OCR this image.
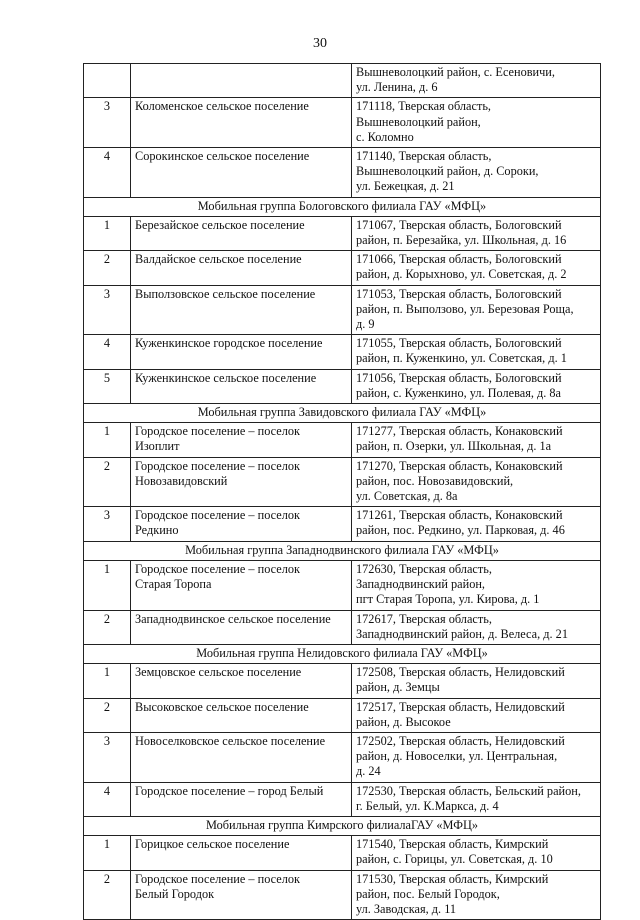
30

		Вышневолоцкий район, с. Есеновичи,
ул. Ленина, д. 6

3	Коломенское сельское поселение	171118, Тверская область,
Вышневолоцкий район,
с. Коломно

4	Сорокинское сельское поселение	171140, Тверская область,
Вышневолоцкий район, д. Сороки,
ул. Бежецкая, д. 21

Мобильная группа Бологовского филиала ГАУ «МФЦ»		
1	Березайское сельское поселение	171067, Тверская область, Бологовский
район, п. Березайка, ул. Школьная, д. 16

2	Валдайское сельское поселение	171066, Тверская область, Бологовский
район, д. Корыхново, ул. Советская, д. 2

3	Выползовское сельское поселение	171053, Тверская область, Бологовский
район, п. Выползово, ул. Березовая Роща,
д. 9

4	Куженкинское городское поселение	171055, Тверская область, Бологовский
район, п. Куженкино, ул. Советская, д. 1

5	Куженкинское сельское поселение	171056, Тверская область, Бологовский
район, с. Куженкино, ул. Полевая, д. 8а

Мобильная группа Завидовского филиала ГАУ «МФЦ»		
1	Городское поселение – поселок
Изоплит	171277, Тверская область, Конаковский
район, п. Озерки, ул. Школьная, д. 1а

2	Городское поселение – поселок
Новозавидовский	171270, Тверская область, Конаковский
район, пос. Новозавидовский,
ул. Советская, д. 8а

3	Городское поселение – поселок
Редкино	171261, Тверская область, Конаковский
район, пос. Редкино, ул. Парковая, д. 46

Мобильная группа Западнодвинского филиала ГАУ «МФЦ»		
1	Городское поселение – поселок
Старая Торопа	172630, Тверская область,
Западнодвинский район,
пгт Старая Торопа, ул. Кирова, д. 1

2	Западнодвинское сельское поселение	172617, Тверская область,
Западнодвинский район, д. Велеса, д. 21

Мобильная группа Нелидовского филиала ГАУ «МФЦ»		
1	Земцовское сельское поселение	172508, Тверская область, Нелидовский
район, д. Земцы

2	Высоковское сельское поселение	172517, Тверская область, Нелидовский
район, д. Высокое

3	Новоселковское сельское поселение	172502, Тверская область, Нелидовский
район, д. Новоселки, ул. Центральная,
д. 24

4	Городское поселение – город Белый	172530, Тверская область, Бельский район,
г. Белый, ул. К.Маркса, д. 4

Мобильная группа Кимрского филиалаГАУ «МФЦ»		
1	Горицкое сельское поселение	171540, Тверская область, Кимрский
район, с. Горицы, ул. Советская, д. 10

2	Городское поселение – поселок
Белый Городок	171530, Тверская область, Кимрский
район, пос. Белый Городок,
ул. Заводская, д. 11
